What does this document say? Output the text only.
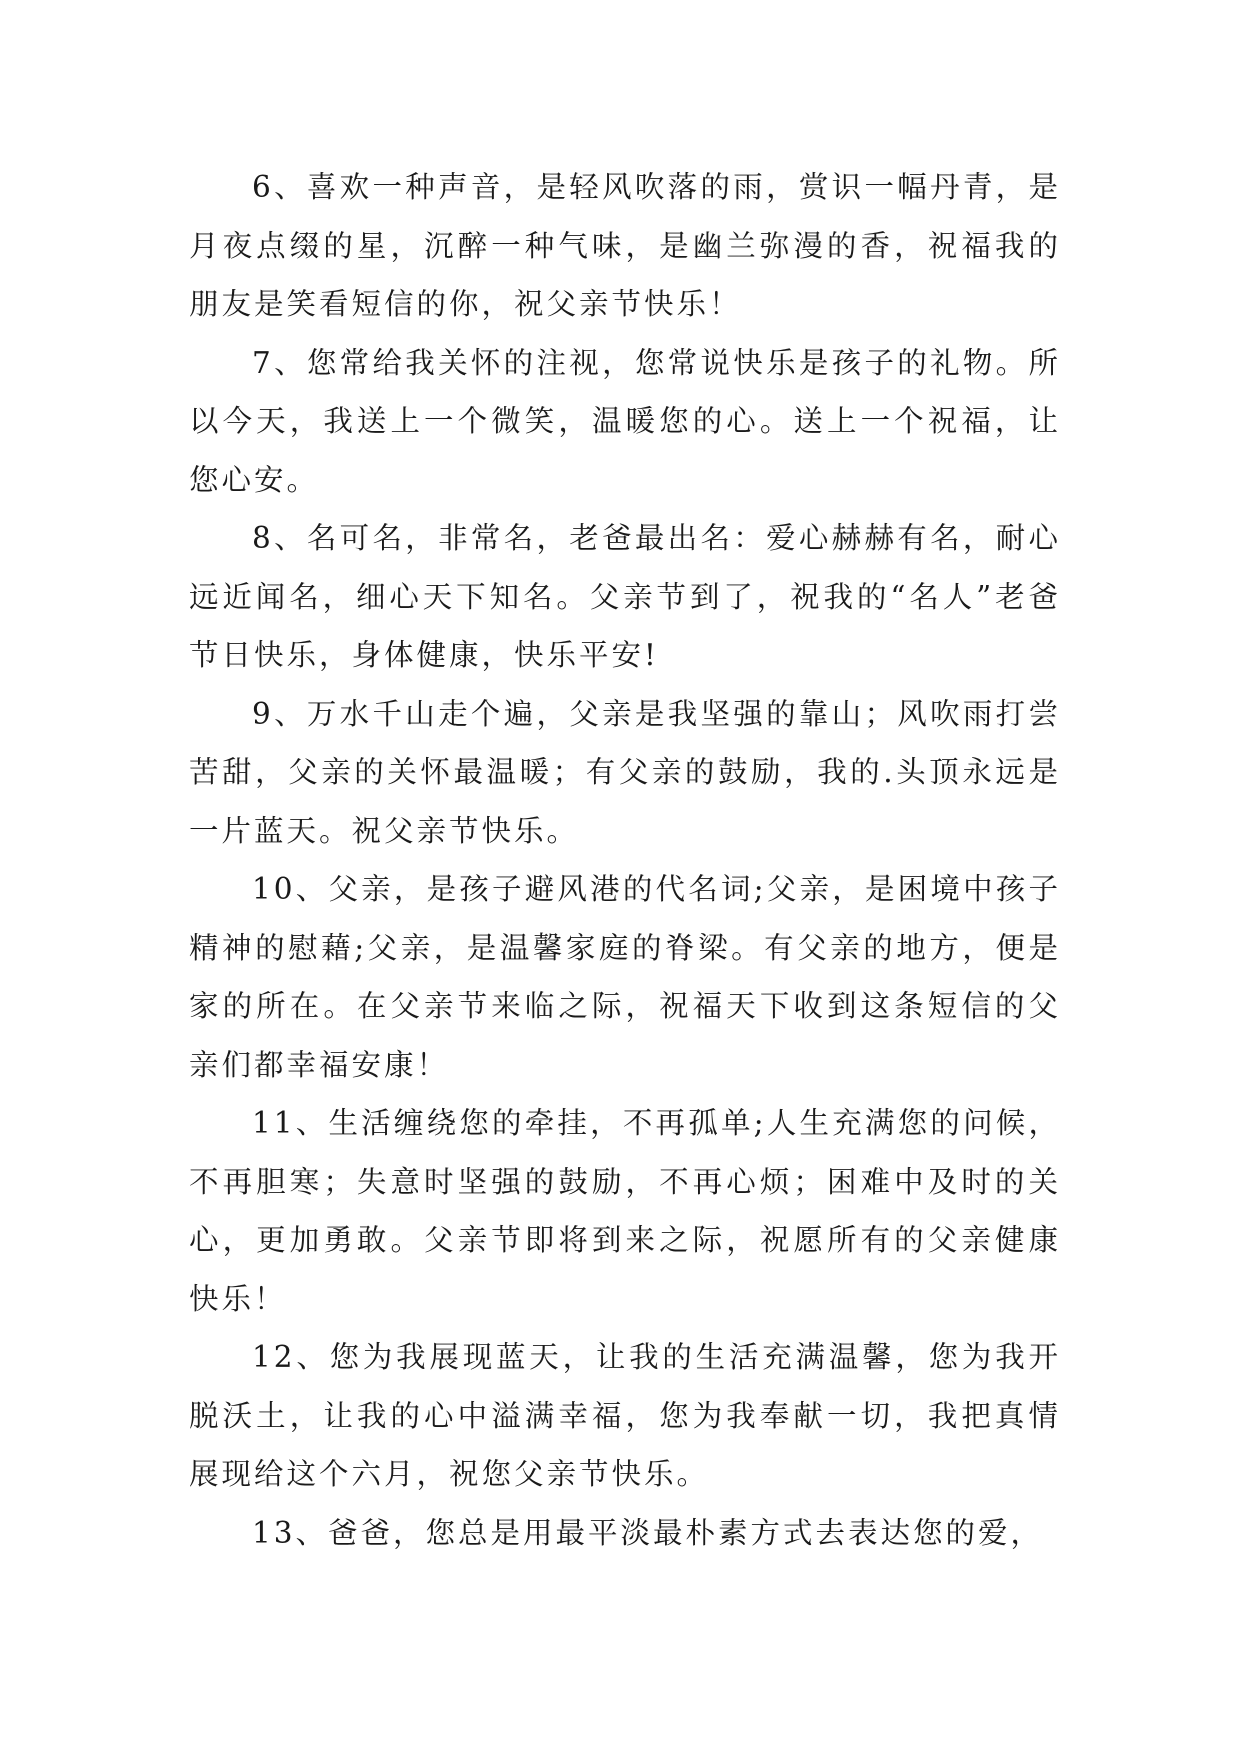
6、喜欢一种声音，是轻风吹落的雨，赏识一幅丹青，是月夜点缀的星，沉醉一种气味，是幽兰弥漫的香，祝福我的朋友是笑看短信的你，祝父亲节快乐！

7、您常给我关怀的注视，您常说快乐是孩子的礼物。所以今天，我送上一个微笑，温暖您的心。送上一个祝福，让您心安。

8、名可名，非常名，老爸最出名：爱心赫赫有名，耐心远近闻名，细心天下知名。父亲节到了，祝我的“名人”老爸节日快乐，身体健康，快乐平安!

9、万水千山走个遍，父亲是我坚强的靠山；风吹雨打尝苦甜，父亲的关怀最温暖；有父亲的鼓励，我的.头顶永远是一片蓝天。祝父亲节快乐。

10、父亲，是孩子避风港的代名词;父亲，是困境中孩子精神的慰藉;父亲，是温馨家庭的脊梁。有父亲的地方，便是家的所在。在父亲节来临之际，祝福天下收到这条短信的父亲们都幸福安康！

11、生活缠绕您的牵挂，不再孤单;人生充满您的问候，不再胆寒；失意时坚强的鼓励，不再心烦；困难中及时的关心，更加勇敢。父亲节即将到来之际，祝愿所有的父亲健康快乐！

12、您为我展现蓝天，让我的生活充满温馨，您为我开脱沃土，让我的心中溢满幸福，您为我奉献一切，我把真情展现给这个六月，祝您父亲节快乐。

13、爸爸，您总是用最平淡最朴素方式去表达您的爱，
